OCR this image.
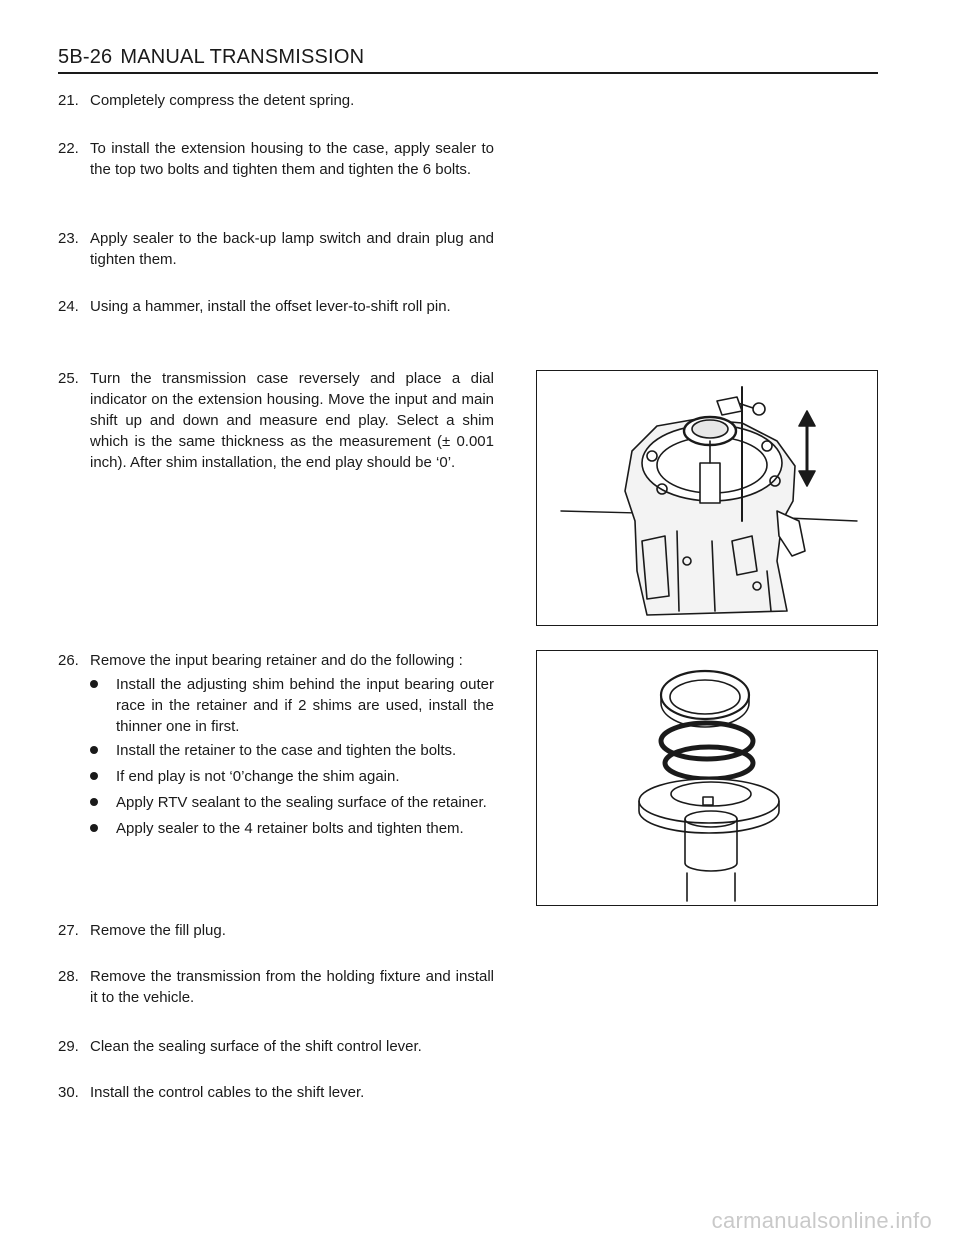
5B-26 MANUAL TRANSMISSION
21. Completely compress the detent spring.
22. To install the extension housing to the case, apply sealer to the top two bolts and tighten them and tighten the 6 bolts.
23. Apply sealer to the back-up lamp switch and drain plug and tighten them.
24. Using a hammer, install the offset lever-to-shift roll pin.
25. Turn the transmission case reversely and place a dial indicator on the extension housing. Move the input and main shift up and down and measure end play. Select a shim which is the same thickness as the measurement (± 0.001 inch). After shim installation, the end play should be ‘0’.
26. Remove the input bearing retainer and do the following :
Install the adjusting shim behind the input bearing outer race in the retainer and if 2 shims are used, install the thinner one in first.
Install the retainer to the case and tighten the bolts.
If end play is not ‘0’change the shim again.
Apply RTV sealant to the sealing surface of the retainer.
Apply sealer to the 4 retainer bolts and tighten them.
27. Remove the fill plug.
28. Remove the transmission from the holding fixture and install it to the vehicle.
29. Clean the sealing surface of the shift control lever.
30. Install the control cables to the shift lever.
carmanualsonline.info
